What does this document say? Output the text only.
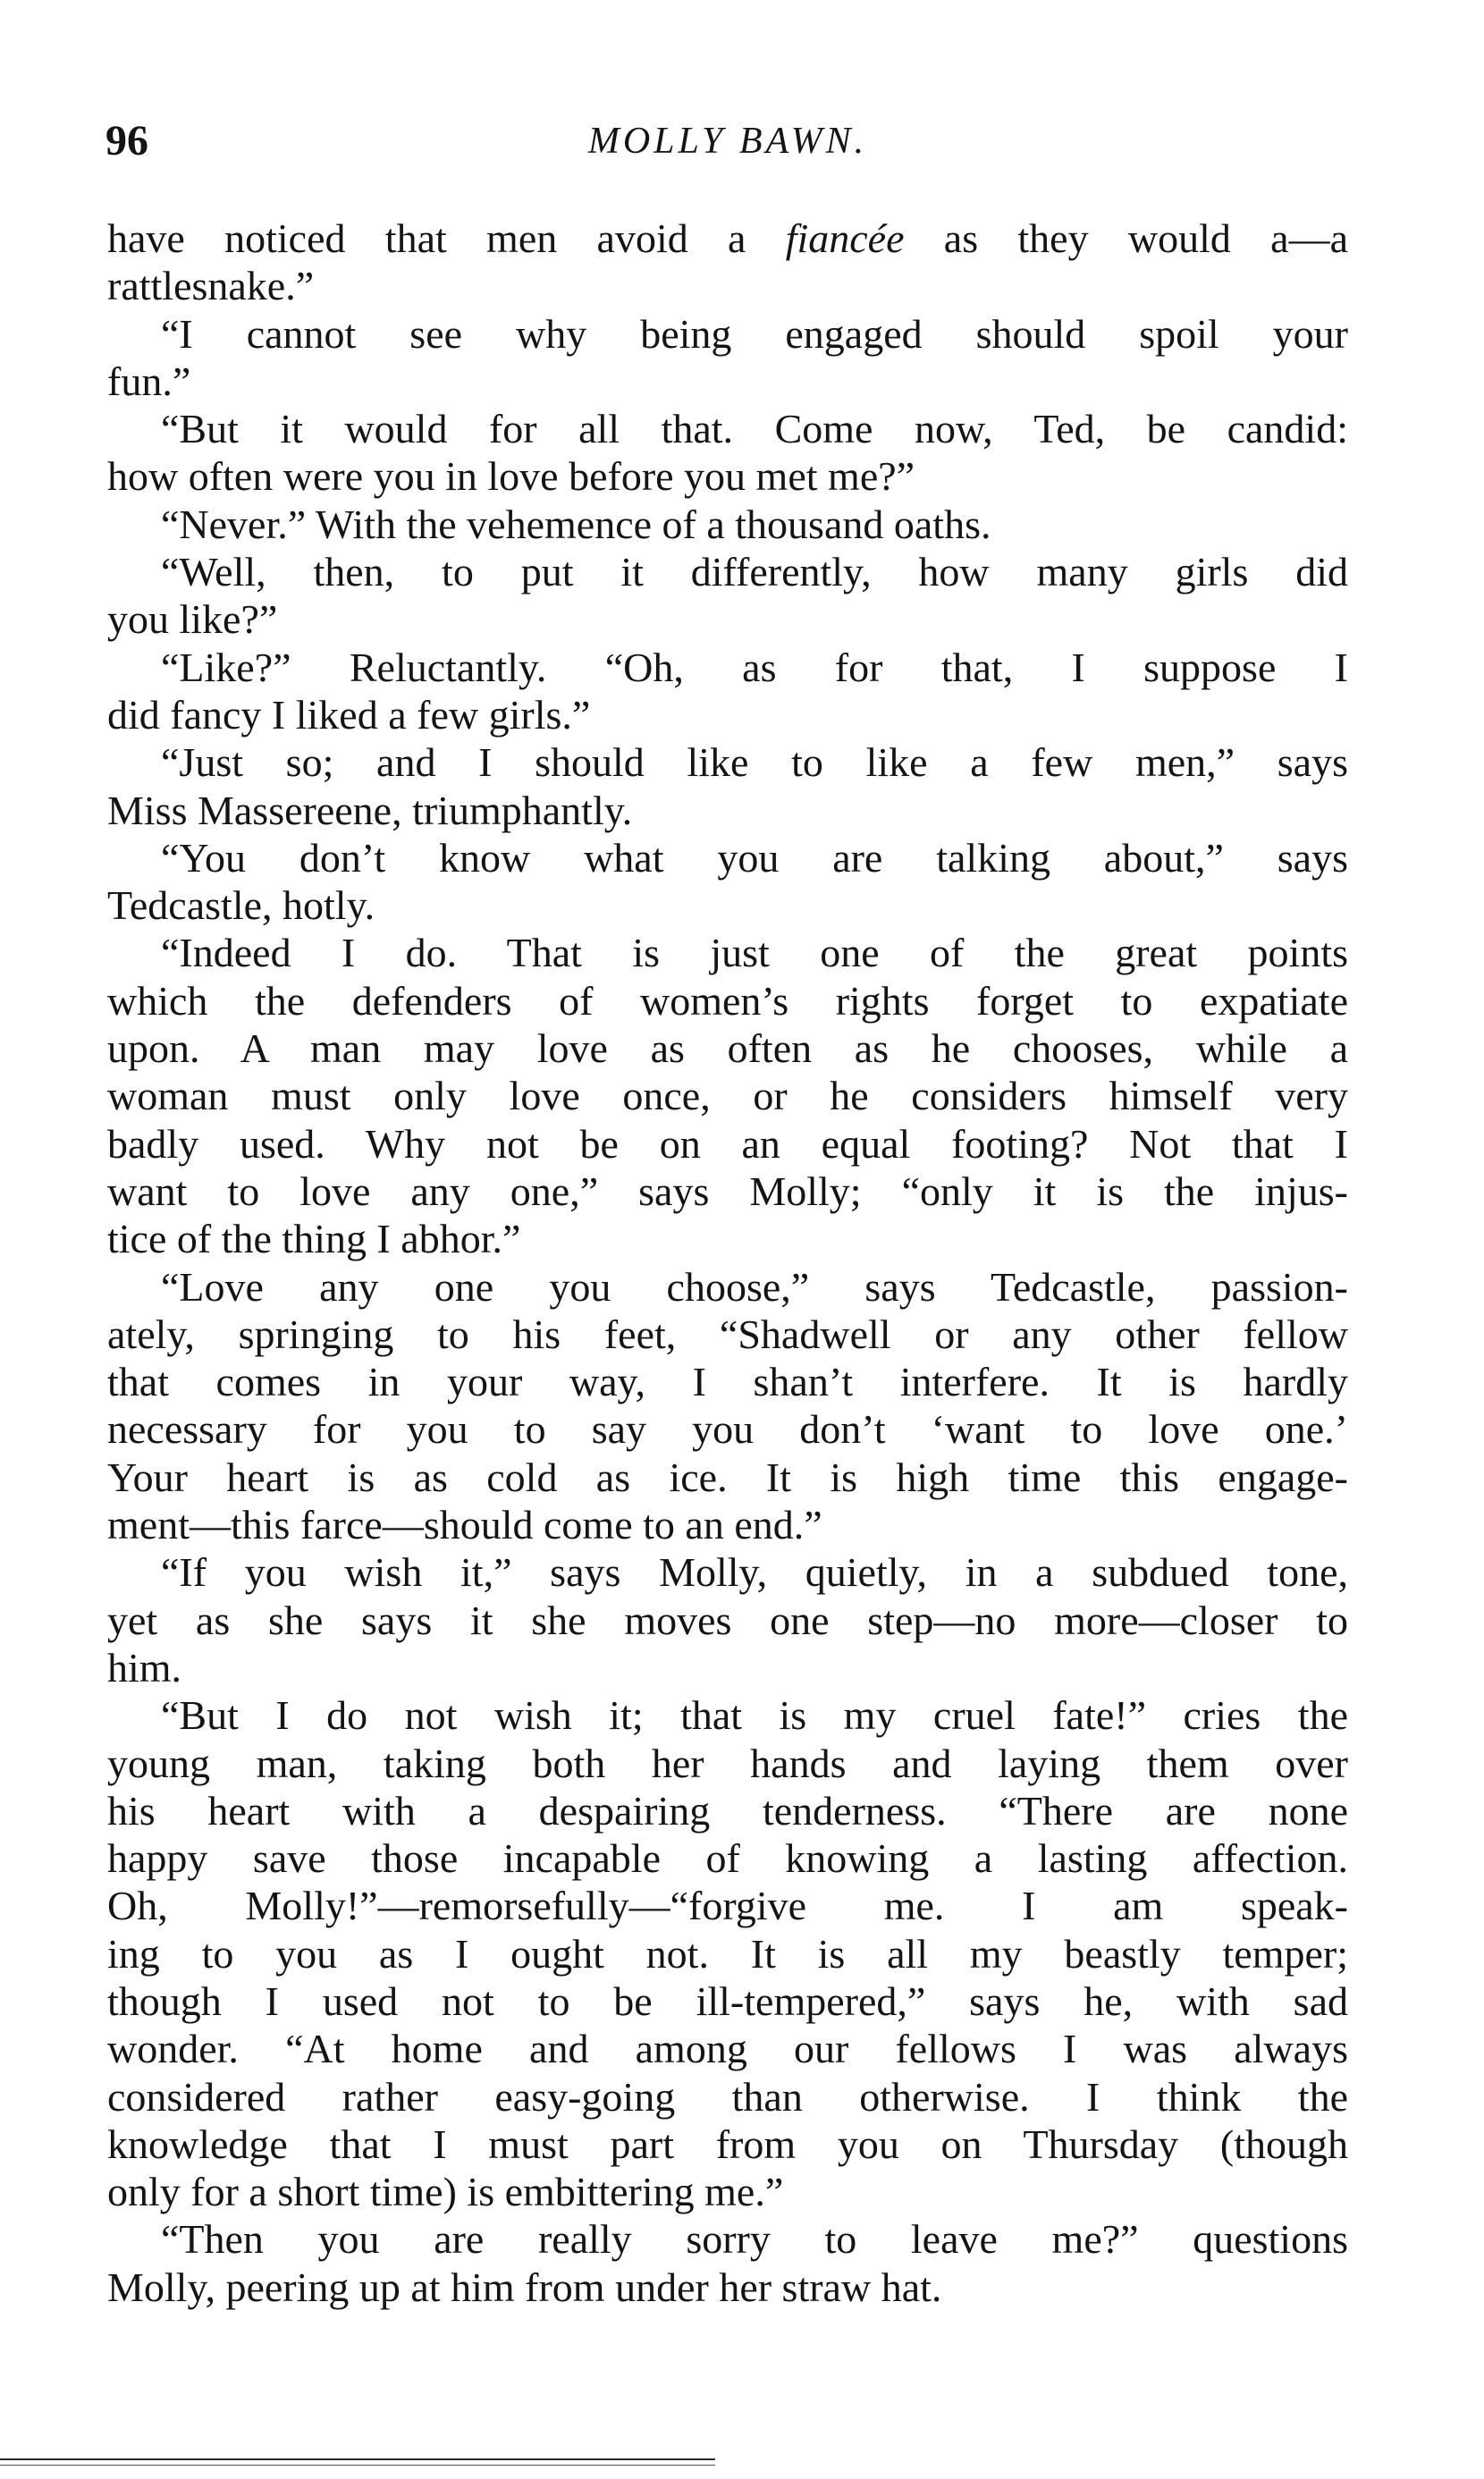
96	MOLLY BAWN.
have noticed that men avoid a fiancée as they would a—a
rattlesnake.”
“I cannot see why being engaged should spoil your
fun.”
“But it would for all that. Come now, Ted, be candid:
how often were you in love before you met me?”
“Never.” With the vehemence of a thousand oaths.
“Well, then, to put it differently, how many girls did
you like?”
“Like?” Reluctantly. “Oh, as for that, I suppose I
did fancy I liked a few girls.”
“Just so; and I should like to like a few men,” says
Miss Massereene, triumphantly.
“You don’t know what you are talking about,” says
Tedcastle, hotly.
“Indeed I do. That is just one of the great points
which the defenders of women’s rights forget to expatiate
upon. A man may love as often as he chooses, while a
woman must only love once, or he considers himself very
badly used. Why not be on an equal footing? Not that I
want to love any one,” says Molly; “only it is the injus-
tice of the thing I abhor.”
“Love any one you choose,” says Tedcastle, passion-
ately, springing to his feet, “Shadwell or any other fellow
that comes in your way, I shan’t interfere. It is hardly
necessary for you to say you don’t ‘want to love one.’
Your heart is as cold as ice. It is high time this engage-
ment—this farce—should come to an end.”
“If you wish it,” says Molly, quietly, in a subdued tone,
yet as she says it she moves one step—no more—closer to
him.
“But I do not wish it; that is my cruel fate!” cries the
young man, taking both her hands and laying them over
his heart with a despairing tenderness. “There are none
happy save those incapable of knowing a lasting affection.
Oh, Molly!”—remorsefully—“forgive me. I am speak-
ing to you as I ought not. It is all my beastly temper;
though I used not to be ill-tempered,” says he, with sad
wonder. “At home and among our fellows I was always
considered rather easy-going than otherwise. I think the
knowledge that I must part from you on Thursday (though
only for a short time) is embittering me.”
“Then you are really sorry to leave me?” questions
Molly, peering up at him from under her straw hat.
